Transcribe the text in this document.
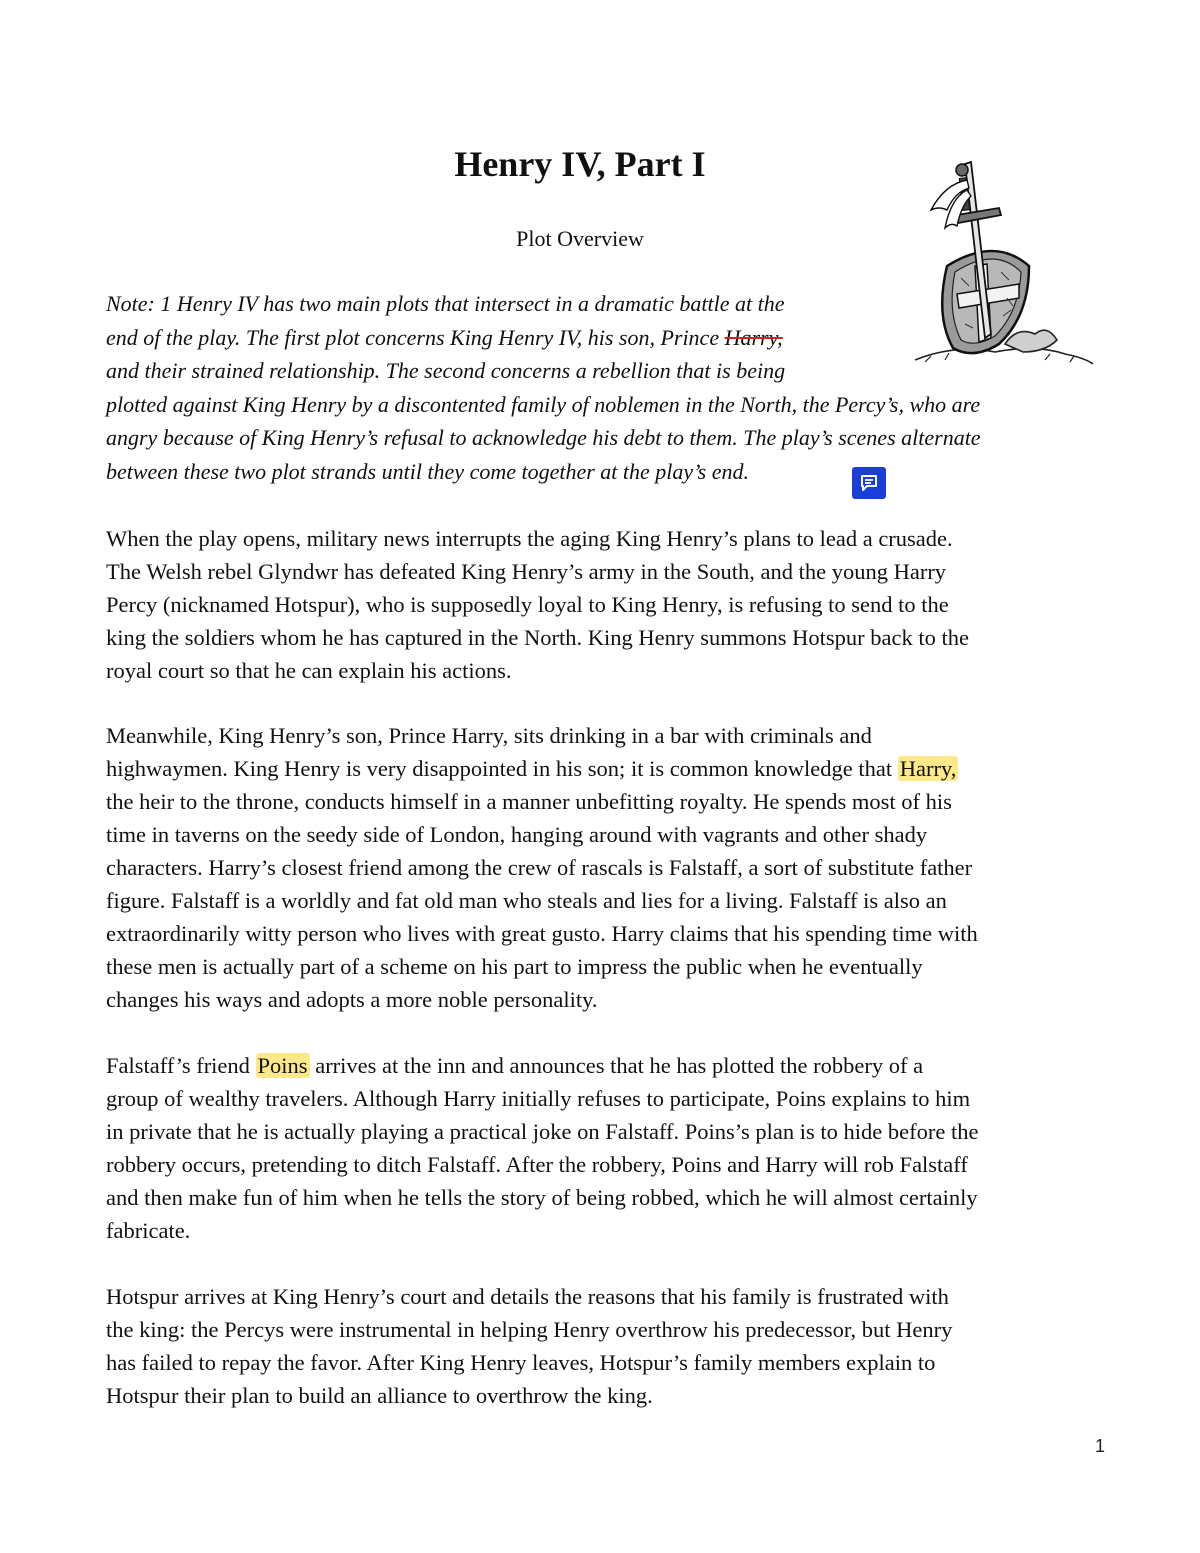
Henry IV, Part I
Plot Overview
Note: 1 Henry IV has two main plots that intersect in a dramatic battle at the
end of the play. The first plot concerns King Henry IV, his son, Prince Harry,
and their strained relationship. The second concerns a rebellion that is being
plotted against King Henry by a discontented family of noblemen in the North, the Percy’s, who are
angry because of King Henry’s refusal to acknowledge his debt to them. The play’s scenes alternate
between these two plot strands until they come together at the play’s end.
When the play opens, military news interrupts the aging King Henry’s plans to lead a crusade.
The Welsh rebel Glyndwr has defeated King Henry’s army in the South, and the young Harry
Percy (nicknamed Hotspur), who is supposedly loyal to King Henry, is refusing to send to the
king the soldiers whom he has captured in the North. King Henry summons Hotspur back to the
royal court so that he can explain his actions.
Meanwhile, King Henry’s son, Prince Harry, sits drinking in a bar with criminals and
highwaymen. King Henry is very disappointed in his son; it is common knowledge that Harry,
the heir to the throne, conducts himself in a manner unbefitting royalty. He spends most of his
time in taverns on the seedy side of London, hanging around with vagrants and other shady
characters. Harry’s closest friend among the crew of rascals is Falstaff, a sort of substitute father
figure. Falstaff is a worldly and fat old man who steals and lies for a living. Falstaff is also an
extraordinarily witty person who lives with great gusto. Harry claims that his spending time with
these men is actually part of a scheme on his part to impress the public when he eventually
changes his ways and adopts a more noble personality.
Falstaff’s friend Poins arrives at the inn and announces that he has plotted the robbery of a
group of wealthy travelers. Although Harry initially refuses to participate, Poins explains to him
in private that he is actually playing a practical joke on Falstaff. Poins’s plan is to hide before the
robbery occurs, pretending to ditch Falstaff. After the robbery, Poins and Harry will rob Falstaff
and then make fun of him when he tells the story of being robbed, which he will almost certainly
fabricate.
Hotspur arrives at King Henry’s court and details the reasons that his family is frustrated with
the king: the Percys were instrumental in helping Henry overthrow his predecessor, but Henry
has failed to repay the favor. After King Henry leaves, Hotspur’s family members explain to
Hotspur their plan to build an alliance to overthrow the king.
1
